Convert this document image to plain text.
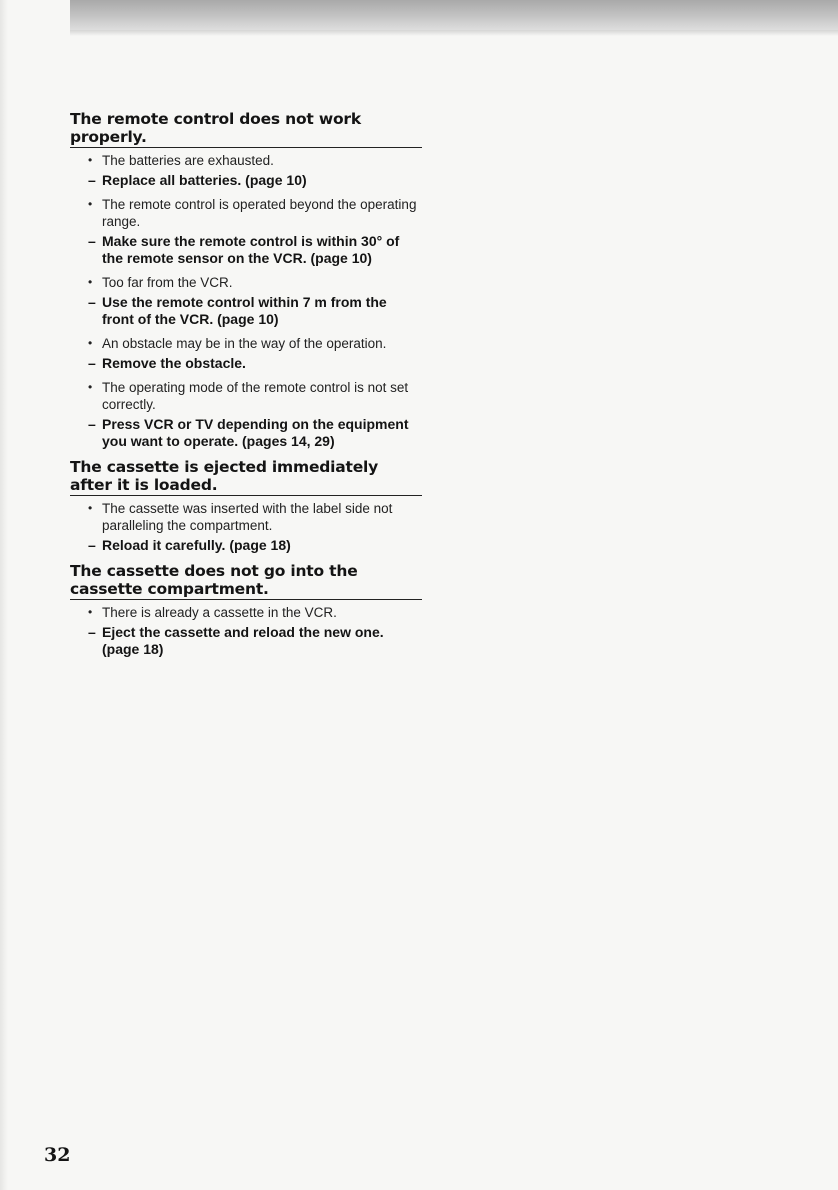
The remote control does not work properly.
• The batteries are exhausted.
– Replace all batteries. (page 10)
• The remote control is operated beyond the operating range.
– Make sure the remote control is within 30° of the remote sensor on the VCR. (page 10)
• Too far from the VCR.
– Use the remote control within 7 m from the front of the VCR. (page 10)
• An obstacle may be in the way of the operation.
– Remove the obstacle.
• The operating mode of the remote control is not set correctly.
– Press VCR or TV depending on the equipment you want to operate. (pages 14, 29)
The cassette is ejected immediately after it is loaded.
• The cassette was inserted with the label side not paralleling the compartment.
– Reload it carefully. (page 18)
The cassette does not go into the cassette compartment.
• There is already a cassette in the VCR.
– Eject the cassette and reload the new one. (page 18)
32
